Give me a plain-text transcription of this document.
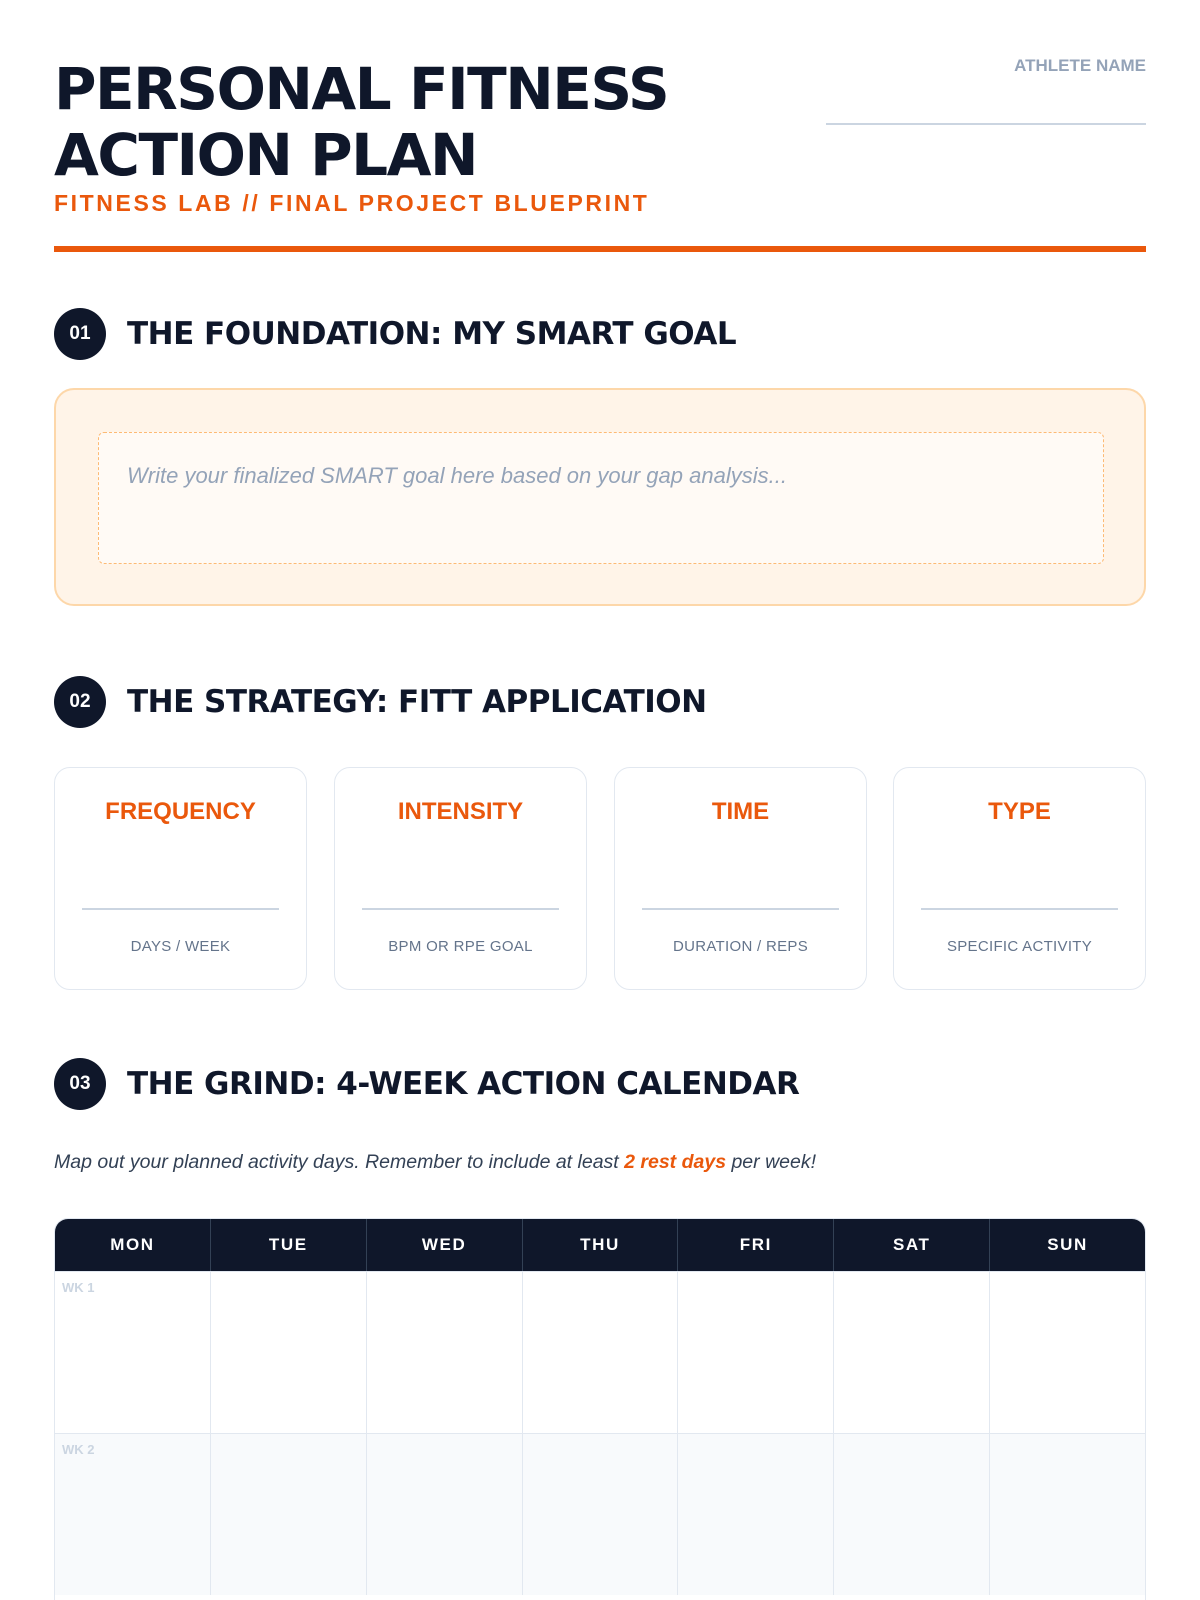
PERSONAL FITNESS
ACTION PLAN
FITNESS LAB // FINAL PROJECT BLUEPRINT
ATHLETE NAME
01	THE FOUNDATION: MY SMART GOAL
Write your finalized SMART goal here based on your gap analysis...
02	THE STRATEGY: FITT APPLICATION
FREQUENCY
DAYS / WEEK
INTENSITY
BPM OR RPE GOAL
TIME
DURATION / REPS
TYPE
SPECIFIC ACTIVITY
03	THE GRIND: 4-WEEK ACTION CALENDAR
Map out your planned activity days. Remember to include at least 2 rest days per week!
MON	TUE	WED	THU	FRI	SAT	SUN
WK 1
WK 2
